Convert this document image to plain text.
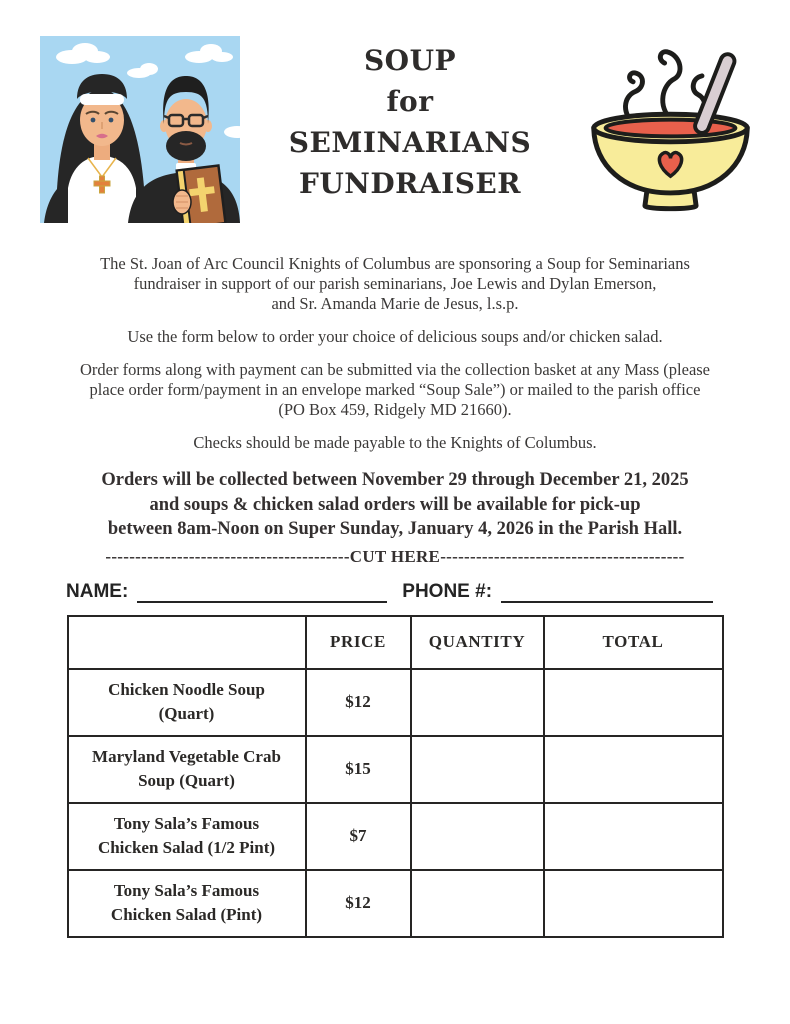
SOUP
for
SEMINARIANS
FUNDRAISER
The St. Joan of Arc Council Knights of Columbus are sponsoring a Soup for Seminarians
fundraiser in support of our parish seminarians, Joe Lewis and Dylan Emerson,
and Sr. Amanda Marie de Jesus, l.s.p.
Use the form below to order your choice of delicious soups and/or chicken salad.
Order forms along with payment can be submitted via the collection basket at any Mass (please
place order form/payment in an envelope marked “Soup Sale”) or mailed to the parish office
(PO Box 459, Ridgely MD 21660).
Checks should be made payable to the Knights of Columbus.
Orders will be collected between November 29 through December 21, 2025
and soups & chicken salad orders will be available for pick-up
between 8am-Noon on Super Sunday, January 4, 2026 in the Parish Hall.
-----------------------------------------CUT HERE-----------------------------------------
NAME:	PHONE #:
	PRICE	QUANTITY	TOTAL

Chicken Noodle Soup
(Quart)	$12		

Maryland Vegetable Crab
Soup (Quart)	$15		

Tony Sala’s Famous
Chicken Salad (1/2 Pint)	$7		

Tony Sala’s Famous
Chicken Salad (Pint)	$12		
